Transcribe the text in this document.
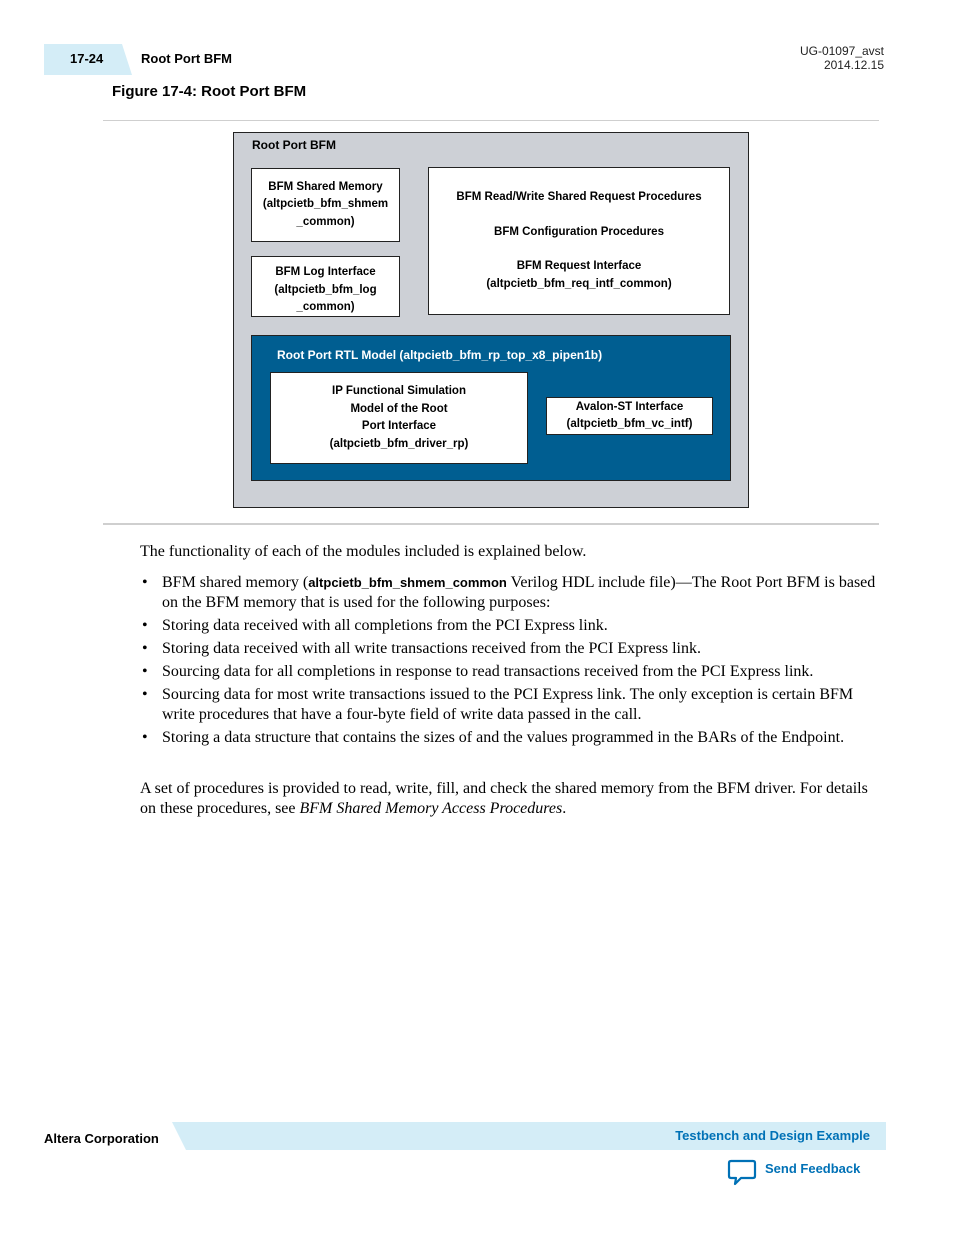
17-24	Root Port BFM	UG-01097_avst
2014.12.15
Figure 17-4: Root Port BFM
Root Port BFM
BFM Shared Memory
(altpcietb_bfm_shmem
_common)
BFM Log Interface
(altpcietb_bfm_log
_common)
BFM Read/Write Shared Request Procedures
BFM Configuration Procedures
BFM Request Interface
(altpcietb_bfm_req_intf_common)
Root Port RTL Model (altpcietb_bfm_rp_top_x8_pipen1b)
IP Functional Simulation
Model of the Root
Port Interface
(altpcietb_bfm_driver_rp)
Avalon-ST Interface
(altpcietb_bfm_vc_intf)

The functionality of each of the modules included is explained below.

• BFM shared memory (altpcietb_bfm_shmem_common Verilog HDL include file)—The Root Port BFM is based on the BFM memory that is used for the following purposes:
• Storing data received with all completions from the PCI Express link.
• Storing data received with all write transactions received from the PCI Express link.
• Sourcing data for all completions in response to read transactions received from the PCI Express link.
• Sourcing data for most write transactions issued to the PCI Express link. The only exception is certain BFM write procedures that have a four-byte field of write data passed in the call.
• Storing a data structure that contains the sizes of and the values programmed in the BARs of the Endpoint.

A set of procedures is provided to read, write, fill, and check the shared memory from the BFM driver. For details on these procedures, see BFM Shared Memory Access Procedures.

Altera Corporation	Testbench and Design Example
Send Feedback
